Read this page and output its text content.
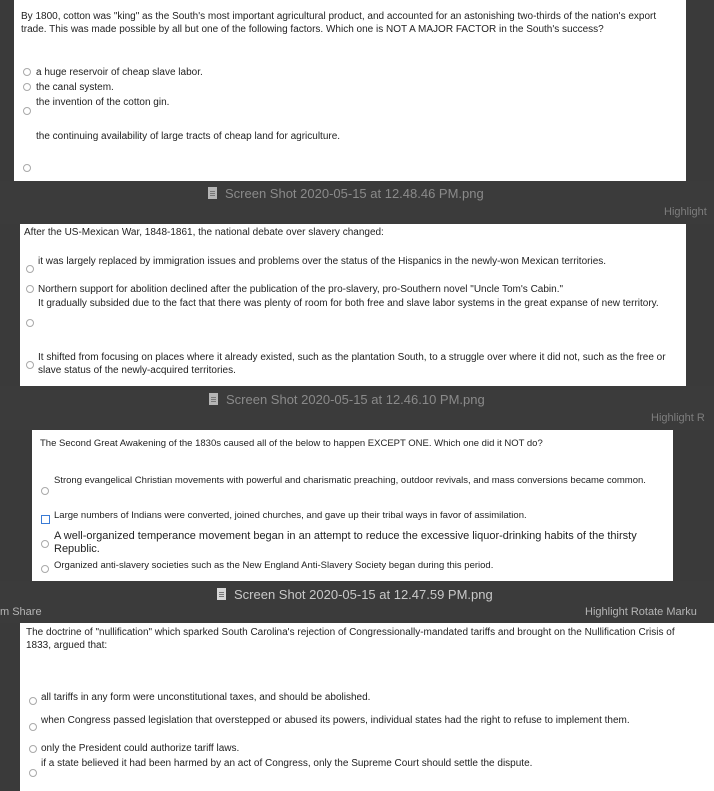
By 1800, cotton was "king" as the South's most important agricultural product, and accounted for an astonishing two-thirds of the nation's export trade. This was made possible by all but one of the following factors. Which one is NOT A MAJOR FACTOR in the South's success?
a huge reservoir of cheap slave labor.
the canal system.
the invention of the cotton gin.
the continuing availability of large tracts of cheap land for agriculture.
Screen Shot 2020-05-15 at 12.48.46 PM.png
Highlight
After the US-Mexican War, 1848-1861, the national debate over slavery changed:
it was largely replaced by immigration issues and problems over the status of the Hispanics in the newly-won Mexican territories.
Northern support for abolition declined after the publication of the pro-slavery, pro-Southern novel "Uncle Tom's Cabin."
It gradually subsided due to the fact that there was plenty of room for both free and slave labor systems in the great expanse of new territory.
It shifted from focusing on places where it already existed, such as the plantation South, to a struggle over where it did not, such as the free or slave status of the newly-acquired territories.
Screen Shot 2020-05-15 at 12.46.10 PM.png
Highlight R
The Second Great Awakening of the 1830s caused all of the below to happen EXCEPT ONE. Which one did it NOT do?
Strong evangelical Christian movements with powerful and charismatic preaching, outdoor revivals, and mass conversions became common.
Large numbers of Indians were converted, joined churches, and gave up their tribal ways in favor of assimilation.
A well-organized temperance movement began in an attempt to reduce the excessive liquor-drinking habits of the thirsty Republic.
Organized anti-slavery societies such as the New England Anti-Slavery Society began during this period.
Screen Shot 2020-05-15 at 12.47.59 PM.png
m Share	Highlight Rotate Marku
The doctrine of "nullification" which sparked South Carolina's rejection of Congressionally-mandated tariffs and brought on the Nullification Crisis of 1833, argued that:
all tariffs in any form were unconstitutional taxes, and should be abolished.
when Congress passed legislation that overstepped or abused its powers, individual states had the right to refuse to implement them.
only the President could authorize tariff laws.
if a state believed it had been harmed by an act of Congress, only the Supreme Court should settle the dispute.
